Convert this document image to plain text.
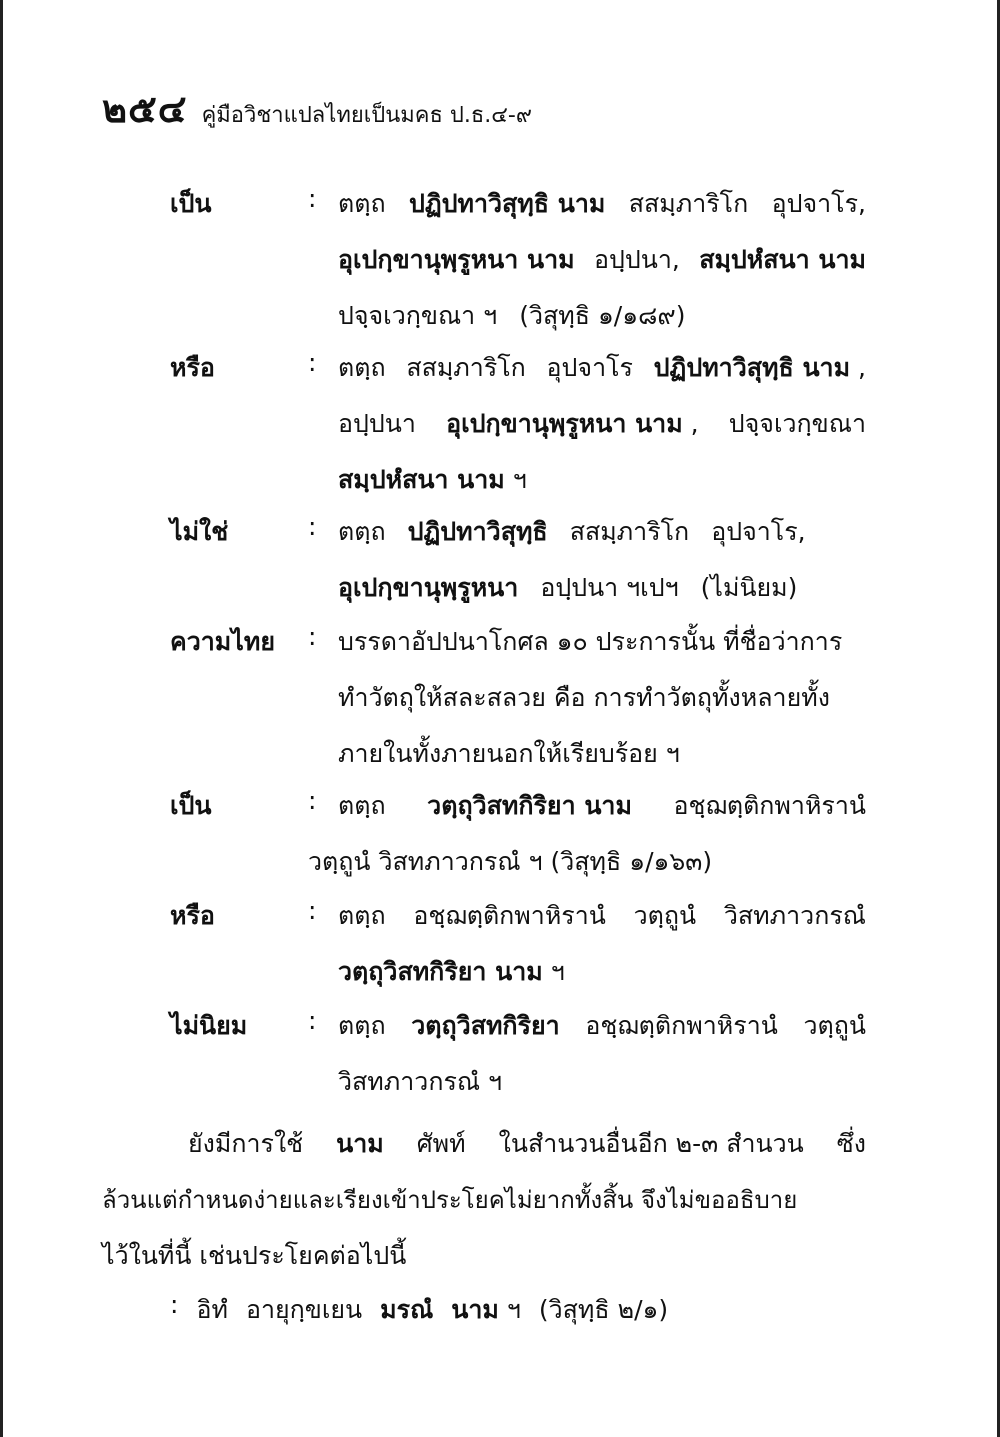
๒๕๔ คู่มือวิชาแปลไทยเป็นมคธ ป.ธ.๔-๙
เป็น	: ตตฺถ ปฏิปทาวิสุทฺธิ นาม สสมฺภาริโก อุปจาโร,
อุเปกฺขานุพฺรูหนา นาม อปฺปนา, สมฺปหํสนา นาม
ปจฺจเวกฺขณา ฯ (วิสุทฺธิ ๑/๑๘๙)
หรือ	: ตตฺถ สสมฺภาริโก อุปจาโร ปฏิปทาวิสุทฺธิ นาม ,
อปฺปนา อุเปกฺขานุพฺรูหนา นาม , ปจฺจเวกฺขณา
สมฺปหํสนา นาม ฯ
ไม่ใช่	: ตตฺถ ปฏิปทาวิสุทฺธิ สสมฺภาริโก อุปจาโร,
อุเปกฺขานุพฺรูหนา อปฺปนา ฯเปฯ (ไม่นิยม)
ความไทย : บรรดาอัปปนาโกศล ๑๐ ประการนั้น ที่ชื่อว่าการ
ทำวัตถุให้สละสลวย คือ การทำวัตถุทั้งหลายทั้ง
ภายในทั้งภายนอกให้เรียบร้อย ฯ
เป็น	: ตตฺถ วตฺถุวิสทกิริยา นาม อชฺฌตฺติกพาหิรานํ
วตฺถูนํ วิสทภาวกรณํ ฯ (วิสุทฺธิ ๑/๑๖๓)
หรือ	: ตตฺถ อชฺฌตฺติกพาหิรานํ วตฺถูนํ วิสทภาวกรณํ
วตฺถุวิสทกิริยา นาม ฯ
ไม่นิยม : ตตฺถ วตฺถุวิสทกิริยา อชฺฌตฺติกพาหิรานํ วตฺถูนํ
วิสทภาวกรณํ ฯ
ยังมีการใช้ นาม ศัพท์ ในสำนวนอื่นอีก ๒-๓ สำนวน ซึ่ง
ล้วนแต่กำหนดง่ายและเรียงเข้าประโยคไม่ยากทั้งสิ้น จึงไม่ขออธิบาย
ไว้ในที่นี้ เช่นประโยคต่อไปนี้
: อิทํ อายุกฺขเยน มรณํ นาม ฯ (วิสุทฺธิ ๒/๑)
